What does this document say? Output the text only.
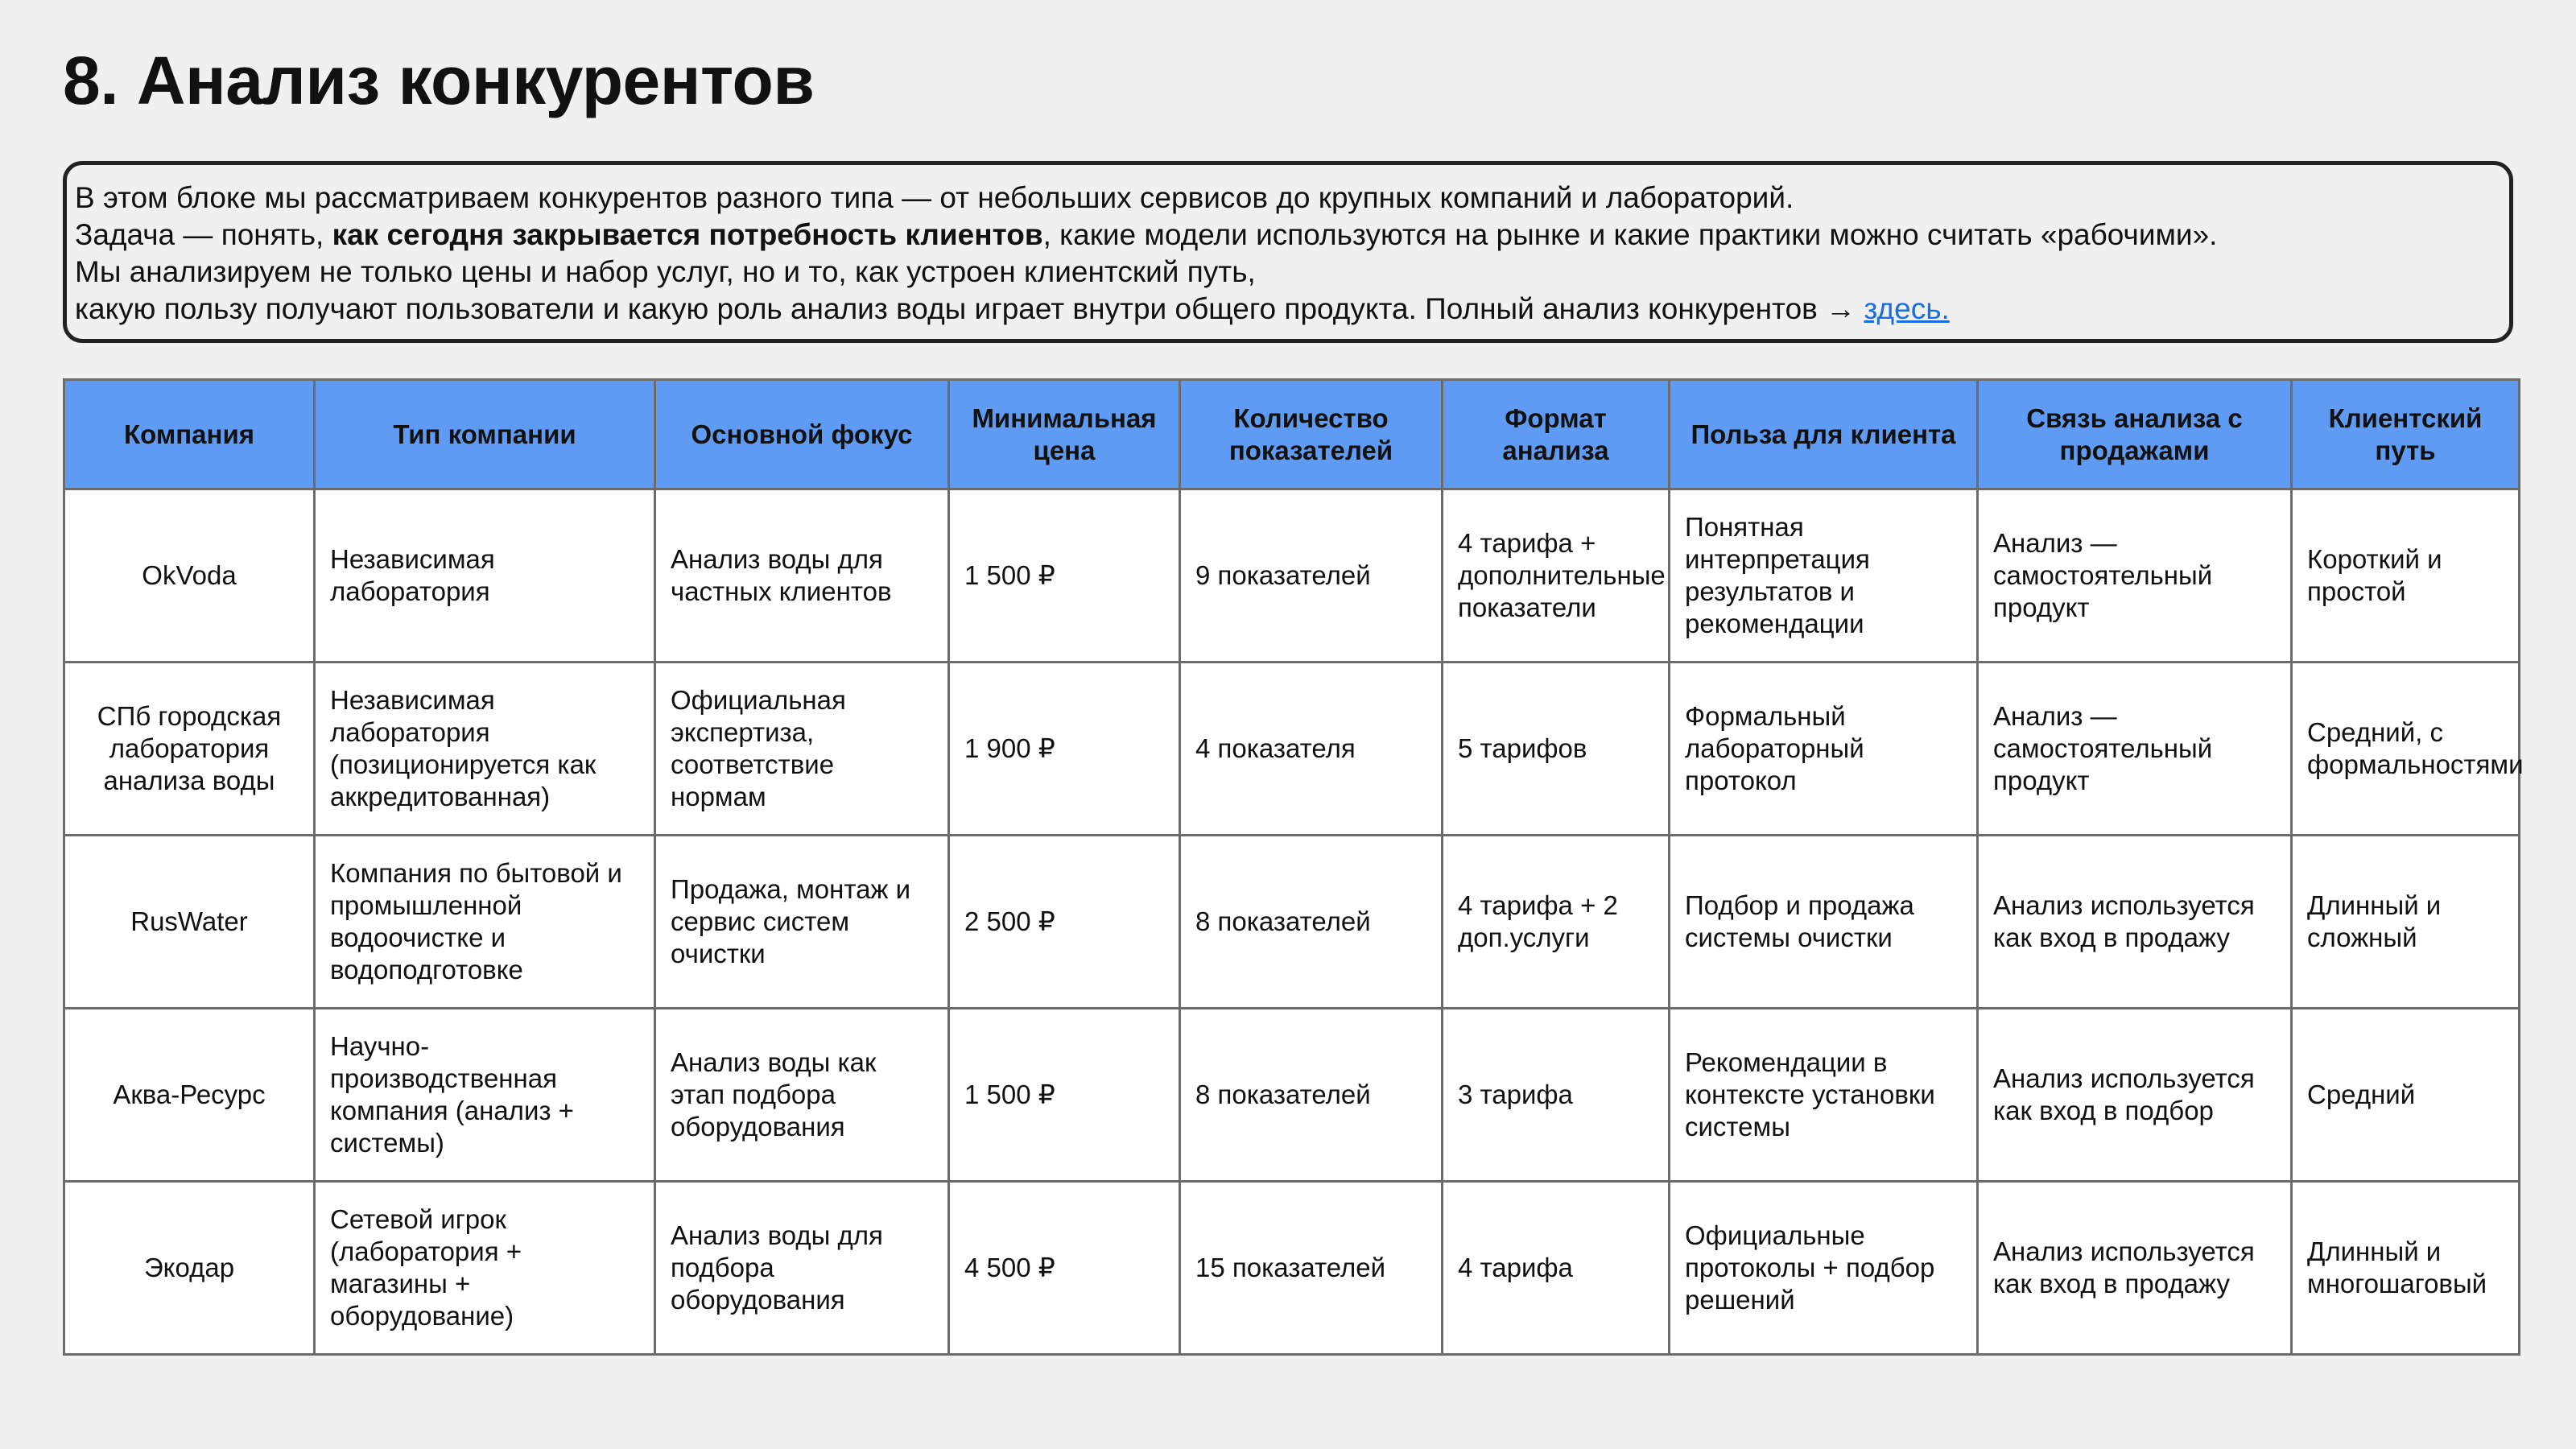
8. Анализ конкурентов

В этом блоке мы рассматриваем конкурентов разного типа — от небольших сервисов до крупных компаний и лабораторий.

Задача — понять, как сегодня закрывается потребность клиентов, какие модели используются на рынке и какие практики можно считать «рабочими».

Мы анализируем не только цены и набор услуг, но и то, как устроен клиентский путь,

какую пользу получают пользователи и какую роль анализ воды играет внутри общего продукта. Полный анализ конкурентов → здесь.

Компания	Тип компании	Основной фокус	Минимальная цена	Количество показателей	Формат анализа	Польза для клиента	Связь анализа с продажами	Клиентский путь
OkVoda	Независимая лаборатория	Анализ воды для частных клиентов	1 500 ₽	9 показателей	4 тарифа + дополнительные показатели	Понятная интерпретация результатов и рекомендации	Анализ — самостоятельный продукт	Короткий и простой
СПб городская лаборатория анализа воды	Независимая лаборатория (позиционируется как аккредитованная)	Официальная экспертиза, соответствие нормам	1 900 ₽	4 показателя	5 тарифов	Формальный лабораторный протокол	Анализ — самостоятельный продукт	Средний, с формальностями
RusWater	Компания по бытовой и промышленной водоочистке и водоподготовке	Продажа, монтаж и сервис систем очистки	2 500 ₽	8 показателей	4 тарифа + 2 доп.услуги	Подбор и продажа системы очистки	Анализ используется как вход в продажу	Длинный и сложный
Аква-Ресурс	Научно-производственная компания (анализ + системы)	Анализ воды как этап подбора оборудования	1 500 ₽	8 показателей	3 тарифа	Рекомендации в контексте установки системы	Анализ используется как вход в подбор	Средний
Экодар	Сетевой игрок (лаборатория + магазины + оборудование)	Анализ воды для подбора оборудования	4 500 ₽	15 показателей	4 тарифа	Официальные протоколы + подбор решений	Анализ используется как вход в продажу	Длинный и многошаговый
